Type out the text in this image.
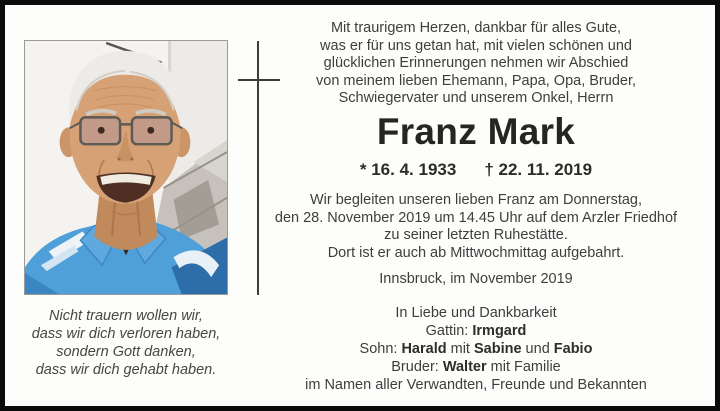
Nicht trauern wollen wir,
dass wir dich verloren haben,
sondern Gott danken,
dass wir dich gehabt haben.
Mit traurigem Herzen, dankbar für alles Gute,
was er für uns getan hat, mit vielen schönen und
glücklichen Erinnerungen nehmen wir Abschied
von meinem lieben Ehemann, Papa, Opa, Bruder,
Schwiegervater und unserem Onkel, Herrn
Franz Mark
* 16. 4. 1933 † 22. 11. 2019
Wir begleiten unseren lieben Franz am Donnerstag,
den 28. November 2019 um 14.45 Uhr auf dem Arzler Friedhof
zu seiner letzten Ruhestätte.
Dort ist er auch ab Mittwochmittag aufgebahrt.
Innsbruck, im November 2019
In Liebe und Dankbarkeit
Gattin: Irmgard
Sohn: Harald mit Sabine und Fabio
Bruder: Walter mit Familie
im Namen aller Verwandten, Freunde und Bekannten
